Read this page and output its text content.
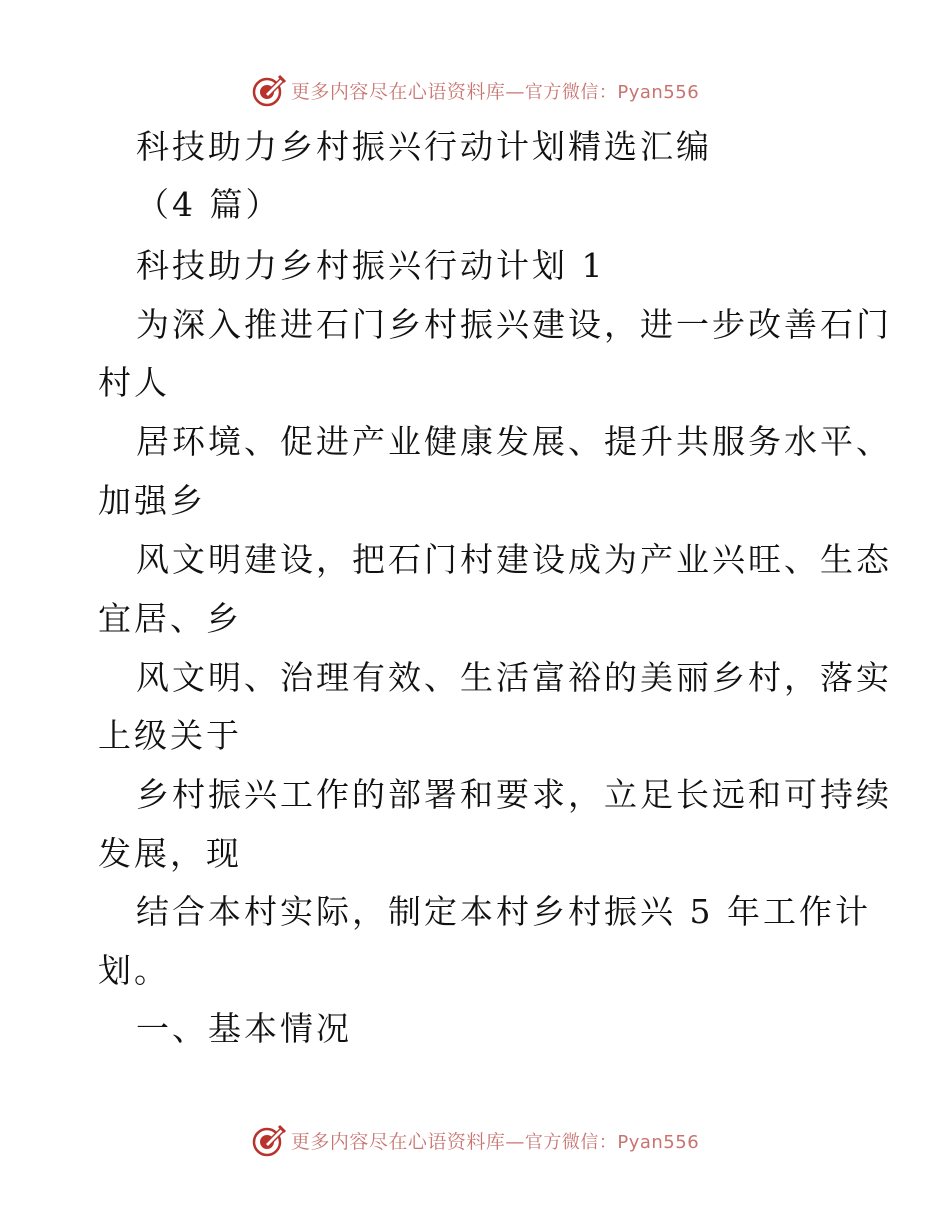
更多内容尽在心语资料库—官方微信：Pyan556
科技助力乡村振兴行动计划精选汇编
（4 篇）
科技助力乡村振兴行动计划 1
为深入推进石门乡村振兴建设，进一步改善石门
村人
居环境、促进产业健康发展、提升共服务水平、
加强乡
风文明建设，把石门村建设成为产业兴旺、生态
宜居、乡
风文明、治理有效、生活富裕的美丽乡村，落实
上级关于
乡村振兴工作的部署和要求，立足长远和可持续
发展，现
结合本村实际，制定本村乡村振兴 5 年工作计
划。
一、基本情况
更多内容尽在心语资料库—官方微信：Pyan556
